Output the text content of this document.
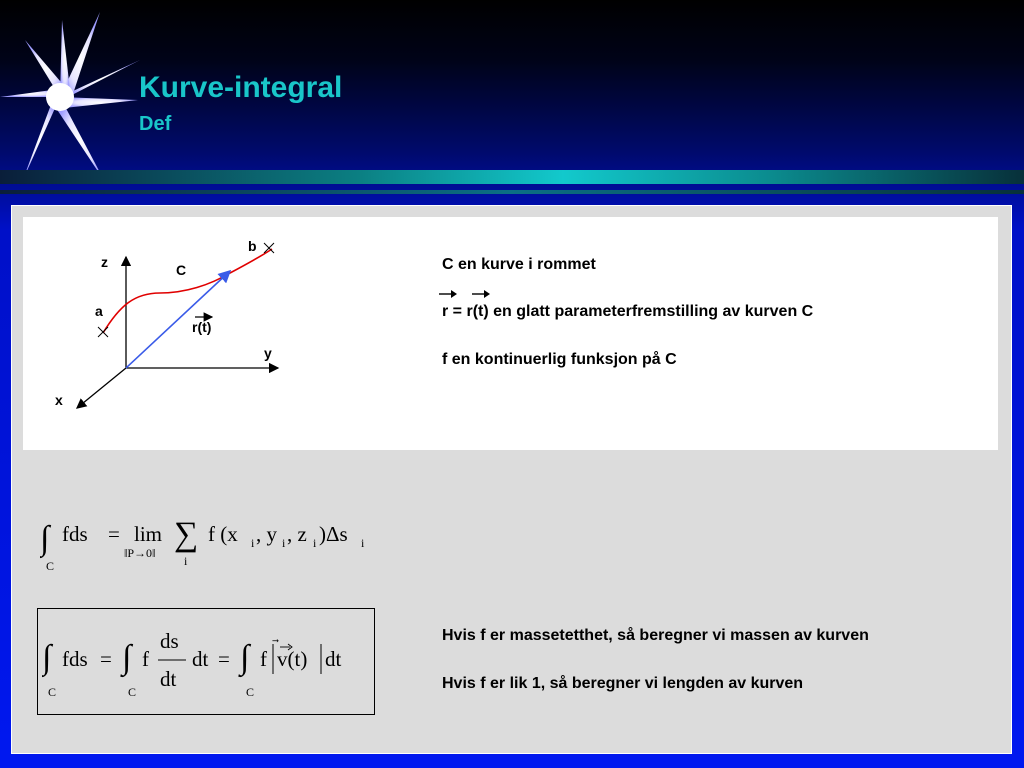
Kurve-integral
Def
z
y
x
a
b
C
r(t)
C en kurve i rommet
r = r(t) en glatt parameterfremstilling av kurven C
f en kontinuerlig funksjon på C
∫ fds = lim
‖P→0‖ ∑
i
f (x i , y i , z i )Δs i
C
∫ fds = ∫ f
ds
dt
dt = ∫ f v(t) dt
C	C	C
Hvis f er massetetthet, så beregner vi massen av kurven
Hvis f er lik 1, så beregner vi lengden av kurven
